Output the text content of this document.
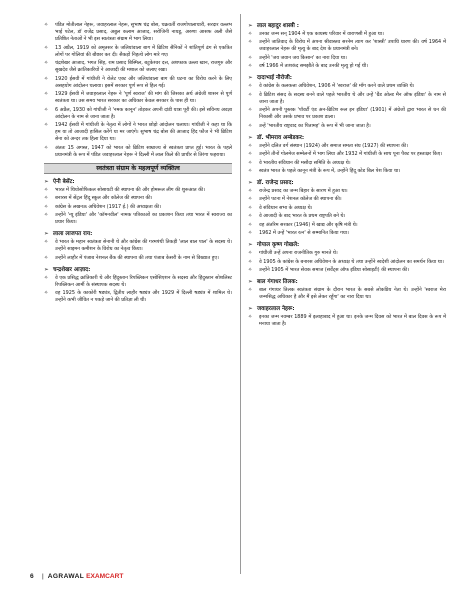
✧ पंडित मोतीलाल नेहरू, जवाहरलाल नेहरू, सुभाष चंद्र बोस, चक्रवर्ती राजगोपालाचारी, सरदार वल्लभ भाई पटेल, डॉ राजेंद्र प्रसाद, अबुल कलाम आजाद, सरोजिनी नायडू, अरुणा आसफ अली जैसे प्रतिष्ठित नेताओं ने भी इस स्वतंत्रता संग्राम में भाग लिया।
✧ 13 अप्रैल, 1919 को अमृतसर के जलियांवाला बाग में ब्रिटिश सैनिकों ने शांतिपूर्ण ढंग से एकत्रित लोगों पर गोलियां की बौछार कर दी। सैकड़ों निहत्थे लोग मारे गए।
✧ चंद्रशेखर आजाद, भगत सिंह, राम प्रसाद बिस्मिल, बटुकेश्वर दत्त, अशफाक उल्ला खान, राजगुरु और सुखदेव जैसे क्रांतिकारियों ने आजादी की मशाल को जलाए रखा।
✧ 1920 ईसवी में गांधीजी ने रोलेट एक्ट और जलियांवाला बाग की घटना का विरोध करने के लिए असहयोग आंदोलन चलाया। इसमें सरकार पूर्ण रूप से हिल गई।
✧ 1929 ईसवी में जवाहरलाल नेहरू ने 'पूर्ण स्वराज' की मांग की जिसका अर्थ अंग्रेजी शासन से पूर्ण स्वतंत्रता था। उस समय भारत सरकार का अधिकार केवल सरकार के पास ही था।
✧ 6 अप्रैल, 1930 को गांधीजी ने 'नमक कानून' तोड़कर अपनी दांडी यात्रा पूरी की। इसे सविनय अवज्ञा आंदोलन के नाम से जाना जाता है।
✧ 1942 ईसवी में गांधीजी के नेतृत्व में लोगों ने भारत छोड़ो आंदोलन चलाया। गांधीजी ने कहा था कि हम या तो आजादी हासिल करेंगे या मर जाएंगे। सुभाष चंद्र बोस की आजाद हिंद फौज ने भी ब्रिटिश सेना को अन्दर तक हिला दिया था।
✧ अंततः 15 अगस्त, 1947 को भारत को ब्रिटिश साम्राज्य से स्वतंत्रता प्राप्त हुई। भारत के पहले प्रधानमंत्री के रूप में पंडित जवाहरलाल नेहरू ने दिल्ली में लाल किले की प्राचीर से तिरंगा फहराया।
स्वतंत्रता संग्राम के महत्वपूर्ण व्यक्तित्व
➢ ऐनी बेसेंट:
✧ भारत में थियोसोफिकल सोसायटी की स्थापना की और होमरूल लीग की शुरूआत की।
✧ बनारस में सेंट्रल हिंदू स्कूल और कॉलेज की स्थापना की।
✧ कांग्रेस के लखनऊ अधिवेशन (1917 ई.) की अध्यक्षता की।
✧ उन्होंने 'न्यू इंडिया' और 'कॉमनवील' नामक पत्रिकाओं का प्रकाशन किया तथा भारत में स्वराज्य का प्रचार किया।
➢ लाला लाजपत राय:
✧ वे भारत के महान स्वतंत्रता सेनानी थे और कांग्रेस की गरमपंथी तिकड़ी 'लाल बाल पाल' के सदस्य थे। उन्होंने साइमन कमीशन के विरोध का नेतृत्व किया।
✧ उन्होंने लाहौर में पंजाब नेशनल बैंक की स्थापना की तथा पंजाब केसरी के नाम से विख्यात हुए।
➢ चन्द्रशेखर आज़ाद:
✧ वे एक प्रसिद्ध क्रांतिकारी थे और हिंदुस्तान रिपब्लिकन एसोसिएशन के सदस्य और हिंदुस्तान सोशलिस्ट रिपब्लिकन आर्मी के संस्थापक सदस्य थे।
✧ वह 1925 के काकोरी षड्यंत्र, द्वितीय लाहौर षड्यंत्र और 1929 में दिल्ली षड्यंत्र में शामिल थे। उन्होंने कभी जीवित न पकड़े जाने की प्रतिज्ञा ली थी।
➢ लाल बहादुर शास्त्री :
✧ उनका जन्म सन् 1904 में एक कायस्थ परिवार में वाराणसी में हुआ था।
✧ उन्होंने जातिवाद के विरोध में अपना श्रीवास्तव सरनेम त्याग कर 'शास्त्री' उपाधि धारण की। वर्ष 1964 में जवाहरलाल नेहरू की मृत्यु के बाद देश के प्रधानमंत्री बने।
✧ उन्होंने 'जय जवान जय किसान' का नारा दिया था।
✧ वर्ष 1966 में ताशकंद समझौते के बाद उनकी मृत्यु हो गई थी।
➢ दादाभाई नौरोजी:
✧ वे कांग्रेस के कलकत्ता अधिवेशन, 1906 में 'स्वराज' की माँग करने वाले प्रथम व्यक्ति थे।
✧ वे ब्रिटिश संसद के सदस्य बनने वाले पहले भारतीय थे और उन्हें 'ग्रैंड ओल्ड मैन ऑफ इंडिया' के नाम से जाना जाता है।
✧ उन्होंने अपनी पुस्तक 'पॉवर्टी एंड अन-ब्रिटिश रूल इन इंडिया' (1901) में अंग्रेजों द्वारा भारत से धन की निकासी और उसके प्रभाव पर प्रकाश डाला।
✧ उन्हें 'भारतीय राष्ट्रवाद का पितामह' के रूप में भी जाना जाता है।
➢ डॉ. भीमराव अम्बेडकर:
✧ उन्होंने दलित वर्ग संस्थान (1924) और समाज समता संघ (1927) की स्थापना की।
✧ उन्होंने तीनों गोलमेज सम्मेलनों में भाग लिया और 1932 में गांधीजी के साथ पूना पैक्ट पर हस्ताक्षर किए।
✧ वे भारतीय संविधान की मसौदा समिति के अध्यक्ष थे।
✧ स्वतंत्र भारत के पहले कानून मंत्री के रूप में, उन्होंने हिंदू कोड बिल पेश किया था।
➢ डॉ. राजेन्द्र प्रसाद:
✧ राजेन्द्र प्रसाद का जन्म बिहार के सारण में हुआ था।
✧ उन्होंने पटना में नेशनल कॉलेज की स्थापना की।
✧ वे संविधान सभा के अध्यक्ष थे।
✧ वे आजादी के बाद भारत के प्रथम राष्ट्रपति बने थे।
✧ वह अंतरिम सरकार (1946) में खाद्य और कृषि मंत्री थे।
✧ 1962 में उन्हें 'भारत रत्न' से सम्मानित किया गया।
➢ गोपाल कृष्ण गोखले:
✧ गांधीजी उन्हें अपना राजनीतिक गुरु मानते थे।
✧ वे 1905 के कांग्रेस के बनारस अधिवेशन के अध्यक्ष थे तथा उन्होंने स्वदेशी आंदोलन का समर्थन किया था।
✧ उन्होंने 1905 में भारत सेवक समाज (सर्वेंट्स ऑफ इंडिया सोसाइटी) की स्थापना की।
➢ बाल गंगाधर तिलक:
✧ बाल गंगाधर तिलक स्वतंत्रता संग्राम के दौरान भारत के सबसे लोकप्रिय नेता थे। उन्होंने 'स्वराज मेरा जन्मसिद्ध अधिकार है और मैं इसे लेकर रहूँगा' का नारा दिया था।
➢ जवाहरलाल नेहरू:
✧ इनका जन्म नवम्बर 1889 में इलाहाबाद में हुआ था। इनके जन्म दिवस को भारत में बाल दिवस के रूप में मनाया जाता है।
6 | AGRAWAL EXAMCART
